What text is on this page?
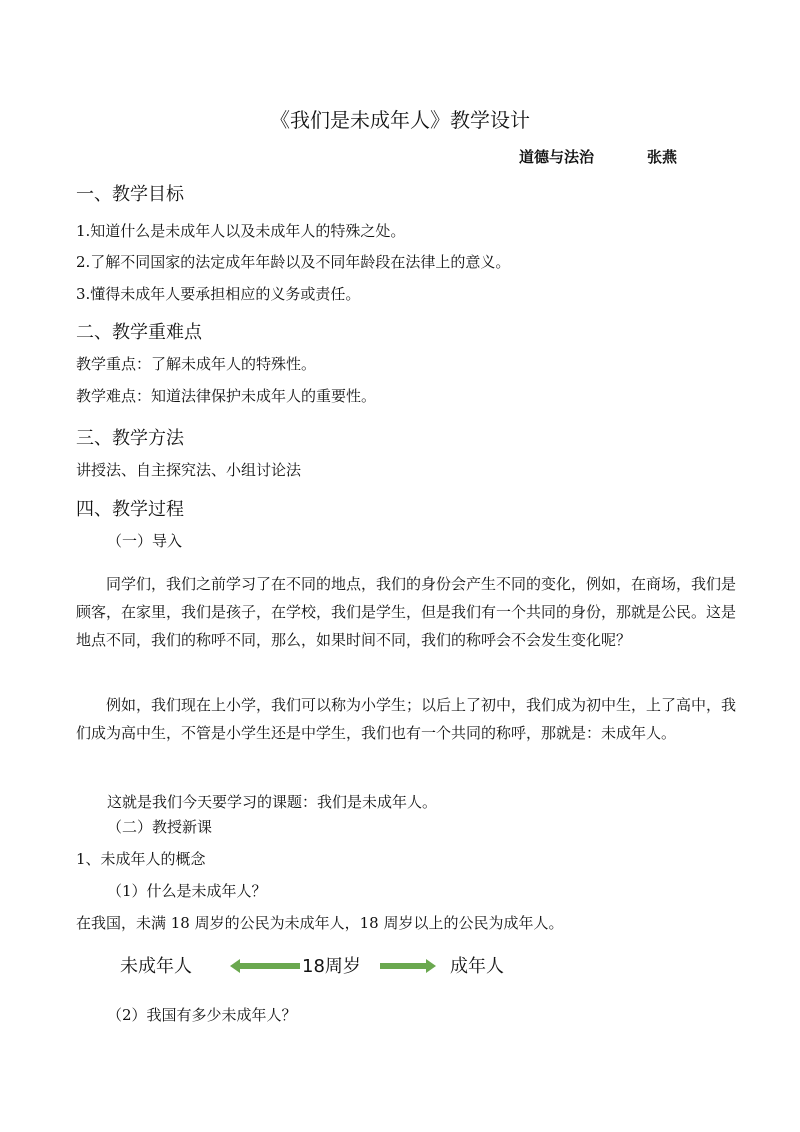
《我们是未成年人》教学设计
道德与法治	张燕
一、教学目标
1.知道什么是未成年人以及未成年人的特殊之处。
2.了解不同国家的法定成年年龄以及不同年龄段在法律上的意义。
3.懂得未成年人要承担相应的义务或责任。
二、教学重难点
教学重点：了解未成年人的特殊性。
教学难点：知道法律保护未成年人的重要性。
三、教学方法
讲授法、自主探究法、小组讨论法
四、教学过程
（一）导入
同学们，我们之前学习了在不同的地点，我们的身份会产生不同的变化，例如，在商场，我们是顾客，在家里，我们是孩子，在学校，我们是学生，但是我们有一个共同的身份，那就是公民。这是地点不同，我们的称呼不同，那么，如果时间不同，我们的称呼会不会发生变化呢？
例如，我们现在上小学，我们可以称为小学生；以后上了初中，我们成为初中生，上了高中，我们成为高中生，不管是小学生还是中学生，我们也有一个共同的称呼，那就是：未成年人。
这就是我们今天要学习的课题：我们是未成年人。
（二）教授新课
1、未成年人的概念
（1）什么是未成年人？
在我国，未满 18 周岁的公民为未成年人，18 周岁以上的公民为成年人。
未成年人	18周岁	成年人
（2）我国有多少未成年人？
